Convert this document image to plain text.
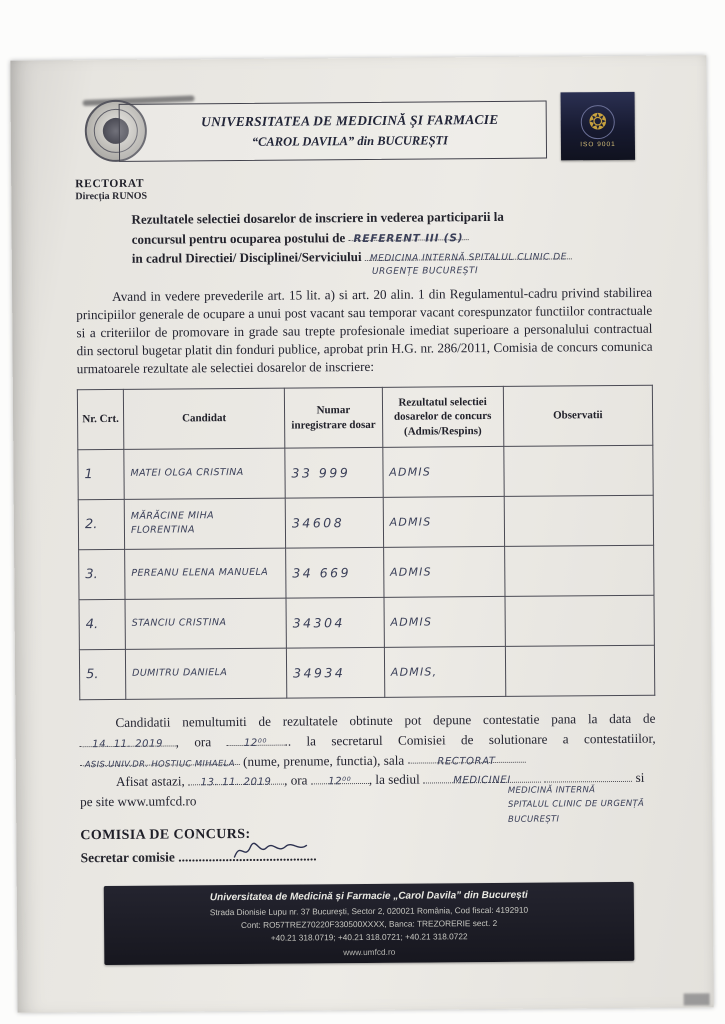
UNIVERSITATEA DE MEDICINĂ ȘI FARMACIE
“CAROL DAVILA” din BUCUREȘTI
❂
ISO 9001
RECTORAT
Direcția RUNOS
Rezultatele selectiei dosarelor de inscriere in vederea participarii la
concursul pentru ocuparea postului de REFERENT III (S)
in cadrul Directiei/ Disciplinei/Serviciului MEDICINA INTERNĂ SPITALUL CLINIC DE
URGENȚE BUCUREȘTI

Avand in vedere prevederile art. 15 lit. a) si art. 20 alin. 1 din Regulamentul-cadru privind stabilirea principiilor generale de ocupare a unui post vacant sau temporar vacant corespunzator functiilor contractuale si a criteriilor de promovare in grade sau trepte profesionale imediat superioare a personalului contractual din sectorul bugetar platit din fonduri publice, aprobat prin H.G. nr. 286/2011, Comisia de concurs comunica urmatoarele rezultate ale selectiei dosarelor de inscriere:

Nr. Crt.	Candidat	Numar inregistrare dosar	Rezultatul selectiei dosarelor de concurs (Admis/Respins)	Observatii
1	MATEI OLGA CRISTINA	33 999	ADMIS	
2.	MĂRĂCINE MIHA FLORENTINA	34608	ADMIS	
3.	PEREANU ELENA MANUELA	34 669	ADMIS	
4.	STANCIU CRISTINA	34304	ADMIS	
5.	DUMITRU DANIELA	34934	ADMIS,	

Candidatii nemultumiti de rezultatele obtinute pot depune contestatie pana la data de 14. 11. 2019 , ora	12⁰⁰ .. la secretarul Comisiei de solutionare a contestatiilor, ASIS.UNIV.DR. HOSTIUC MIHAELA (nume, prenume, functia), sala	RECTORAT

Afisat astazi, 13. 11. 2019 , ora 12⁰⁰ , la sediul	MEDICINEI	si
pe site www.umfcd.ro

MEDICINĂ INTERNĂ
SPITALUL CLINIC DE URGENȚĂ
BUCUREȘTI
COMISIA DE CONCURS:
Secretar comisie .........................................
Universitatea de Medicină și Farmacie „Carol Davila” din București
Strada Dionisie Lupu nr. 37 București, Sector 2, 020021 România, Cod fiscal: 4192910
Cont: RO57TREZ70220F330500XXXX, Banca: TREZORERIE sect. 2
+40.21 318.0719; +40.21 318.0721; +40.21 318.0722
www.umfcd.ro
